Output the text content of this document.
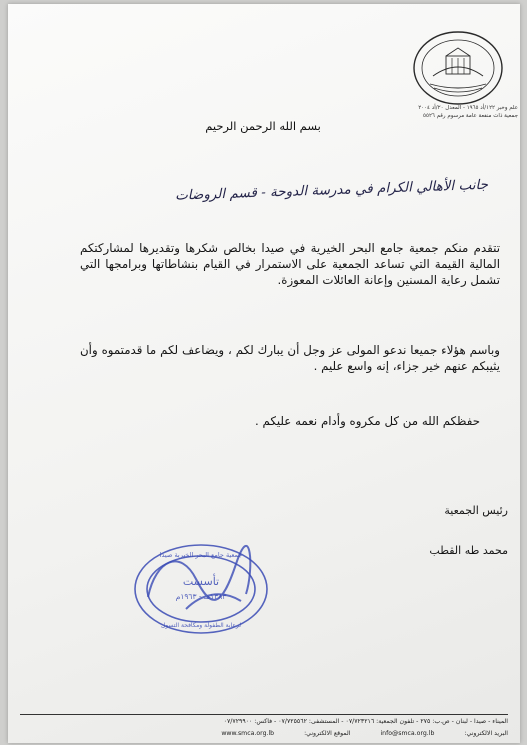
علم وخبر ١٢٢/أد ١٩٦٥ - المعدل ٢٠/أد ٢٠٠٤
جمعية ذات منفعة عامة مرسوم رقم ٥٥٢٦
بسم الله الرحمن الرحيم
جانب الأهالي الكرام في مدرسة الدوحة - قسم الروضات
تتقدم منكم جمعية جامع البحر الخيرية في صيدا بخالص شكرها وتقديرها لمشاركتكم المالية القيمة التي تساعد الجمعية على الاستمرار في القيام بنشاطاتها وبرامجها التي تشمل رعاية المسنين وإعانة العائلات المعوزة.
وباسم هؤلاء جميعا ندعو المولى عز وجل أن يبارك لكم ، ويضاعف لكم ما قدمتموه وأن يثيبكم عنهم خير جزاء، إنه واسع عليم .
حفظكم الله من كل مكروه وأدام نعمه عليكم .
رئيس الجمعية
محمد طه القطب
تأسست
١٣٨٣هـ - ١٩٦٣م
جمعية جامع البحر الخيرية صيدا
لرعاية الطفولة ومكافحة التسول
الميناء - صيدا - لبنان - ص.ب: ٢٧٥ - تلفون الجمعية: ٠٧/٧٢٣٢١٦ - المستشفى: ٠٧/٧٢٥٥٦٢ - فاكس: ٠٧/٧٢٩٩٠٠
البريد الالكتروني: info@smca.org.lb الموقع الالكتروني: www.smca.org.lb
